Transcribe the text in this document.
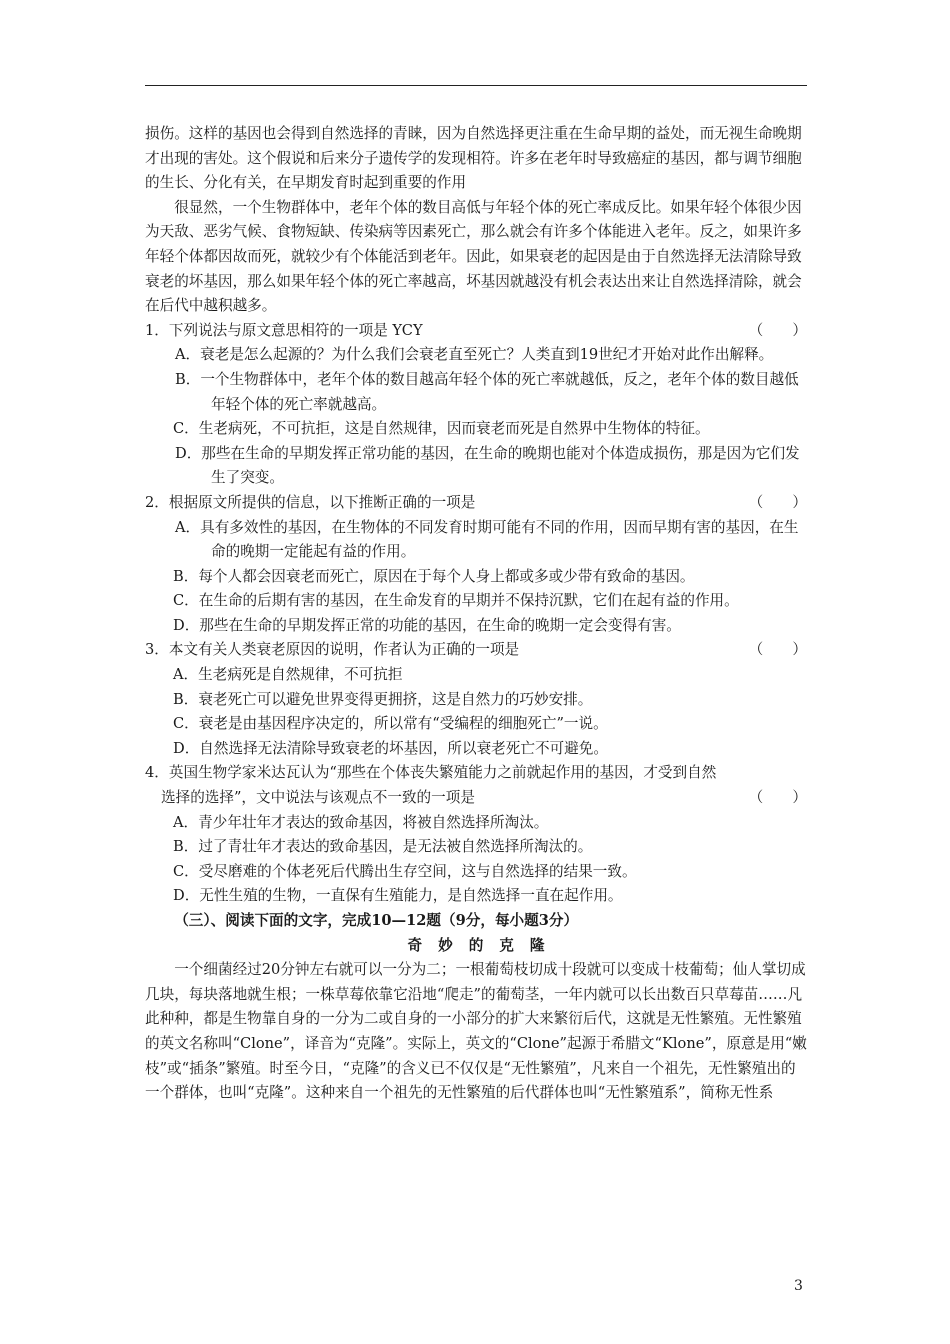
损伤。这样的基因也会得到自然选择的青睐，因为自然选择更注重在生命早期的益处，而无视生命晚期才出现的害处。这个假说和后来分子遗传学的发现相符。许多在老年时导致癌症的基因，都与调节细胞的生长、分化有关，在早期发育时起到重要的作用

很显然，一个生物群体中，老年个体的数目高低与年轻个体的死亡率成反比。如果年轻个体很少因为天敌、恶劣气候、食物短缺、传染病等因素死亡，那么就会有许多个体能进入老年。反之，如果许多年轻个体都因故而死，就较少有个体能活到老年。因此，如果衰老的起因是由于自然选择无法清除导致衰老的坏基因，那么如果年轻个体的死亡率越高，坏基因就越没有机会表达出来让自然选择清除，就会在后代中越积越多。

1．下列说法与原文意思相符的一项是 YCY	（　　）

A．衰老是怎么起源的？为什么我们会衰老直至死亡？人类直到19世纪才开始对此作出解释。

B．一个生物群体中，老年个体的数目越高年轻个体的死亡率就越低，反之，老年个体的数目越低年轻个体的死亡率就越高。

C．生老病死，不可抗拒，这是自然规律，因而衰老而死是自然界中生物体的特征。

D．那些在生命的早期发挥正常功能的基因，在生命的晚期也能对个体造成损伤，那是因为它们发生了突变。

2．根据原文所提供的信息，以下推断正确的一项是	（　　）

A．具有多效性的基因，在生物体的不同发育时期可能有不同的作用，因而早期有害的基因，在生命的晚期一定能起有益的作用。

B．每个人都会因衰老而死亡，原因在于每个人身上都或多或少带有致命的基因。

C．在生命的后期有害的基因，在生命发育的早期并不保持沉默，它们在起有益的作用。

D．那些在生命的早期发挥正常的功能的基因，在生命的晚期一定会变得有害。

3．本文有关人类衰老原因的说明，作者认为正确的一项是	（　　）

A．生老病死是自然规律，不可抗拒

B．衰老死亡可以避免世界变得更拥挤，这是自然力的巧妙安排。

C．衰老是由基因程序决定的，所以常有“受编程的细胞死亡”一说。

D．自然选择无法清除导致衰老的坏基因，所以衰老死亡不可避免。

4．英国生物学家米达瓦认为“那些在个体丧失繁殖能力之前就起作用的基因，才受到自然

选择的选择”，文中说法与该观点不一致的一项是	（　　）

A．青少年壮年才表达的致命基因，将被自然选择所淘汰。

B．过了青壮年才表达的致命基因，是无法被自然选择所淘汰的。

C．受尽磨难的个体老死后代腾出生存空间，这与自然选择的结果一致。

D．无性生殖的生物，一直保有生殖能力，是自然选择一直在起作用。

（三）、阅读下面的文字，完成10—12题（9分，每小题3分）

奇妙的克隆

一个细菌经过20分钟左右就可以一分为二；一根葡萄枝切成十段就可以变成十枝葡萄；仙人掌切成几块，每块落地就生根；一株草莓依靠它沿地“爬走”的葡萄茎，一年内就可以长出数百只草莓苗……凡此种种，都是生物靠自身的一分为二或自身的一小部分的扩大来繁衍后代，这就是无性繁殖。无性繁殖的英文名称叫“Clone”，译音为“克隆”。实际上，英文的“Clone”起源于希腊文“Klone”，原意是用“嫩枝”或“插条”繁殖。时至今日，“克隆”的含义已不仅仅是“无性繁殖”，凡来自一个祖先，无性繁殖出的一个群体，也叫“克隆”。这种来自一个祖先的无性繁殖的后代群体也叫“无性繁殖系”，简称无性系

3
